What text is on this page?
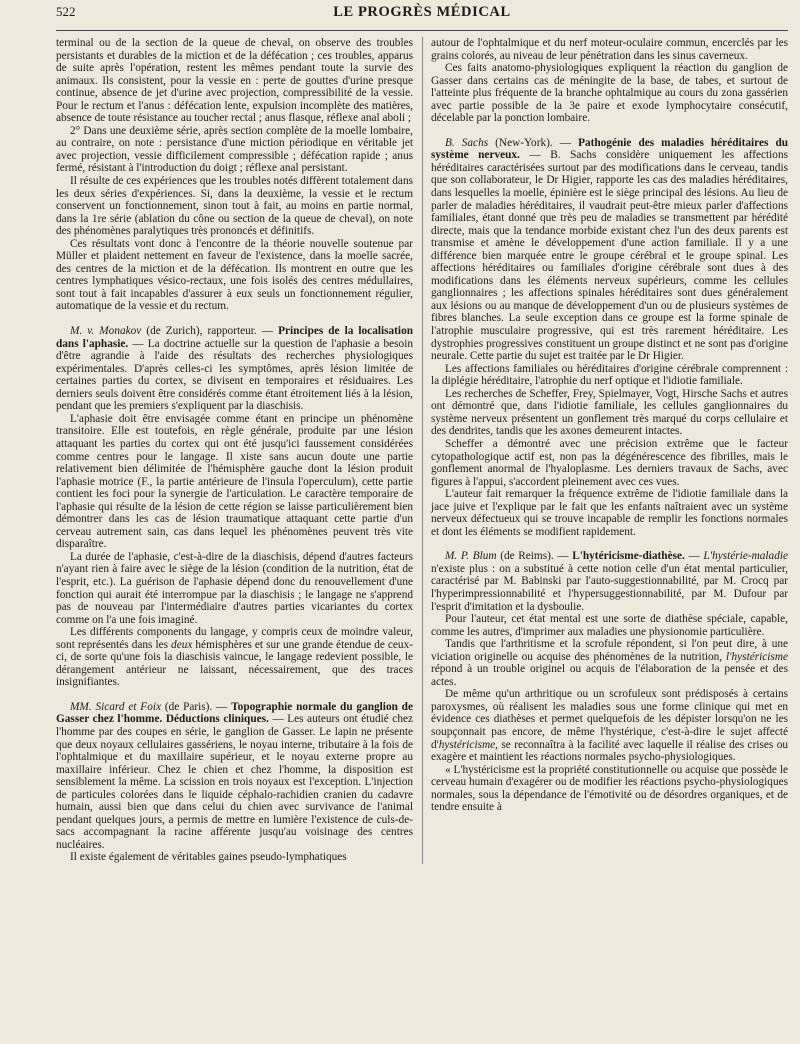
522	LE PROGRÈS MÉDICAL

terminal ou de la section de la queue de cheval, on observe des troubles persistants et durables de la miction et de la défécation ; ces troubles, apparus de suite après l'opération, restent les mêmes pendant toute la survie des animaux. Ils consistent, pour la vessie en : perte de gouttes d'urine presque continue, absence de jet d'urine avec projection, compressibilité de la vessie. Pour le rectum et l'anus : défécation lente, expulsion incomplète des matières, absence de toute résistance au toucher rectal ; anus flasque, réflexe anal aboli ;

2° Dans une deuxième série, après section complète de la moelle lombaire, au contraire, on note : persistance d'une miction périodique en véritable jet avec projection, vessie difficilement compressible ; défécation rapide ; anus fermé, résistant à l'introduction du doigt ; réflexe anal persistant.

Il résulte de ces expériences que les troubles notés diffèrent totalement dans les deux séries d'expériences. Si, dans la deuxième, la vessie et le rectum conservent un fonctionnement, sinon tout à fait, au moins en partie normal, dans la 1re série (ablation du cône ou section de la queue de cheval), on note des phénomènes paralytiques très prononcés et définitifs.

Ces résultats vont donc à l'encontre de la théorie nouvelle soutenue par Müller et plaident nettement en faveur de l'existence, dans la moelle sacrée, des centres de la miction et de la défécation. Ils montrent en outre que les centres lymphatiques vésico-rectaux, une fois isolés des centres médullaires, sont tout à fait incapables d'assurer à eux seuls un fonctionnement régulier, automatique de la vessie et du rectum.

M. v. Monakov (de Zurich), rapporteur. — Principes de la localisation dans l'aphasie. — La doctrine actuelle sur la question de l'aphasie a besoin d'être agrandie à l'aide des résultats des recherches physiologiques expérimentales. D'après celles-ci les symptômes, après lésion limitée de certaines parties du cortex, se divisent en temporaires et résiduaires. Les derniers seuls doivent être considérés comme étant étroitement liés à la lésion, pendant que les premiers s'expliquent par la diaschisis.

L'aphasie doit être envisagée comme étant en principe un phénomène transitoire. Elle est toutefois, en règle générale, produite par une lésion attaquant les parties du cortex qui ont été jusqu'ici faussement considérées comme centres pour le langage. Il xiste sans aucun doute une partie relativement bien délimitée de l'hémisphère gauche dont la lésion produit l'aphasie motrice (F., la partie antérieure de l'insula l'operculum), cette partie contient les foci pour la synergie de l'articulation. Le caractère temporaire de l'aphasie qui résulte de la lésion de cette région se laisse particulièrement bien démontrer dans les cas de lésion traumatique attaquant cette partie d'un cerveau autrement sain, cas dans lequel les phénomènes peuvent très vite disparaître.

La durée de l'aphasie, c'est-à-dire de la diaschisis, dépend d'autres facteurs n'ayant rien à faire avec le siège de la lésion (condition de la nutrition, état de l'esprit, etc.). La guérison de l'aphasie dépend donc du renouvellement d'une fonction qui aurait été interrompue par la diaschisis ; le langage ne s'apprend pas de nouveau par l'intermédiaire d'autres parties vicariantes du cortex comme on l'a une fois imaginé.

Les différents components du langage, y compris ceux de moindre valeur, sont représentés dans les deux hémisphères et sur une grande étendue de ceux-ci, de sorte qu'une fois la diaschisis vaincue, le langage redevient possible, le dérangement antérieur ne laissant, nécessairement, que des traces insignifiantes.

MM. Sicard et Foix (de Paris). — Topographie normale du ganglion de Gasser chez l'homme. Déductions cliniques. — Les auteurs ont étudié chez l'homme par des coupes en série, le ganglion de Gasser. Le lapin ne présente que deux noyaux cellulaires gassériens, le noyau interne, tributaire à la fois de l'ophtalmique et du maxillaire supérieur, et le noyau externe propre au maxillaire inférieur. Chez le chien et chez l'homme, la disposition est sensiblement la même. La scission en trois noyaux est l'exception. L'injection de particules colorées dans le liquide céphalo-rachidien cranien du cadavre humain, aussi bien que dans celui du chien avec survivance de l'animal pendant quelques jours, a permis de mettre en lumière l'existence de culs-de-sacs accompagnant la racine afférente jusqu'au voisinage des centres nucléaires.

Il existe également de véritables gaines pseudo-lymphatiques

autour de l'ophtalmique et du nerf moteur-oculaire commun, encerclés par les grains colorés, au niveau de leur pénétration dans les sinus caverneux.

Ces faits anatomo-physiologiques expliquent la réaction du ganglion de Gasser dans certains cas de méningite de la base, de tabes, et surtout de l'atteinte plus fréquente de la branche ophtalmique au cours du zona gassérien avec partie possible de la 3e paire et exode lymphocytaire consécutif, décelable par la ponction lombaire.

B. Sachs (New-York). — Pathogénie des maladies héréditaires du système nerveux. — B. Sachs considère uniquement les affections héréditaires caractérisées surtout par des modifications dans le cerveau, tandis que son collaborateur, le Dr Higier, rapporte les cas des maladies héréditaires, dans lesquelles la moelle, épinière est le siège principal des lésions. Au lieu de parler de maladies héréditaires, il vaudrait peut-être mieux parler d'affections familiales, étant donné que très peu de maladies se transmettent par hérédité directe, mais que la tendance morbide existant chez l'un des deux parents est transmise et amène le développement d'une action familiale. Il y a une différence bien marquée entre le groupe cérébral et le groupe spinal. Les affections héréditaires ou familiales d'origine cérébrale sont dues à des modifications dans les éléments nerveux supérieurs, comme les cellules ganglionnaires ; les affections spinales héréditaires sont dues généralement aux lésions ou au manque de développement d'un ou de plusieurs systèmes de fibres blanches. La seule exception dans ce groupe est la forme spinale de l'atrophie musculaire progressive, qui est très rarement héréditaire. Les dystrophies progressives constituent un groupe distinct et ne sont pas d'origine neurale. Cette partie du sujet est traitée par le Dr Higier.

Les affections familiales ou héréditaires d'origine cérébrale comprennent : la diplégie héréditaire, l'atrophie du nerf optique et l'idiotie familiale.

Les recherches de Scheffer, Frey, Spielmayer, Vogt, Hirsche Sachs et autres ont démontré que, dans l'idiotie familiale, les cellules ganglionnaires du système nerveux présentent un gonflement très marqué du corps cellulaire et des dendrites, tandis que les axones demeurent intactes.

Scheffer a démontré avec une précision extrême que le facteur cytopathologique actif est, non pas la dégénérescence des fibrilles, mais le gonflement anormal de l'hyaloplasme. Les derniers travaux de Sachs, avec figures à l'appui, s'accordent pleinement avec ces vues.

L'auteur fait remarquer la fréquence extrême de l'idiotie familiale dans la jace juive et l'explique par le fait que les enfants naîtraient avec un système nerveux défectueux qui se trouve incapable de remplir les fonctions normales et dont les éléments se modifient rapidement.

M. P. Blum (de Reims). — L'hytéricisme-diathèse. — L'hystérie-maladie n'existe plus : on a substitué à cette notion celle d'un état mental particulier, caractérisé par M. Babinski par l'auto-suggestionnabilité, par M. Crocq par l'hyperimpressionnabilité et l'hypersuggestionnabilité, par M. Dufour par l'esprit d'imitation et la dysboulie.

Pour l'auteur, cet état mental est une sorte de diathèse spéciale, capable, comme les autres, d'imprimer aux maladies une physionomie particulière.

Tandis que l'arthritisme et la scrofule répondent, si l'on peut dire, à une viciation originelle ou acquise des phénomènes de la nutrition, l'hystéricisme répond à un trouble originel ou acquis de l'élaboration de la pensée et des actes.

De même qu'un arthritique ou un scrofuleux sont prédisposés à certains paroxysmes, où réalisent les maladies sous une forme clinique qui met en évidence ces diathèses et permet quelquefois de les dépister lorsqu'on ne les soupçonnait pas encore, de même l'hystérique, c'est-à-dire le sujet affecté d'hystéricisme, se reconnaîtra à la facilité avec laquelle il réalise des crises ou exagère et maintient les réactions normales psycho-physiologiques.

« L'hystéricisme est la propriété constitutionnelle ou acquise que possède le cerveau humain d'exagérer ou de modifier les réactions psycho-physiologiques normales, sous la dépendance de l'émotivité ou de désordres organiques, et de tendre ensuite à
